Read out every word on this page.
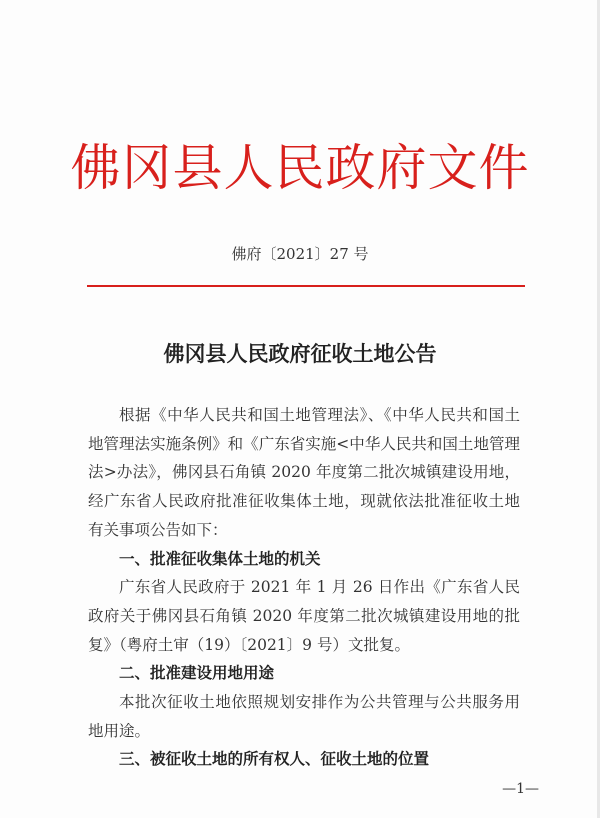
佛冈县人民政府文件
佛府〔2021〕27 号
佛冈县人民政府征收土地公告

根据《中华人民共和国土地管理法》、《中华人民共和国土地管理法实施条例》和《广东省实施<中华人民共和国土地管理法>办法》，佛冈县石角镇 2020 年度第二批次城镇建设用地，经广东省人民政府批准征收集体土地，现就依法批准征收土地有关事项公告如下：

一、批准征收集体土地的机关

广东省人民政府于 2021 年 1 月 26 日作出《广东省人民政府关于佛冈县石角镇 2020 年度第二批次城镇建设用地的批复》（粤府土审（19）〔2021〕9 号）文批复。

二、批准建设用地用途

本批次征收土地依照规划安排作为公共管理与公共服务用地用途。

三、被征收土地的所有权人、征收土地的位置

—1—
